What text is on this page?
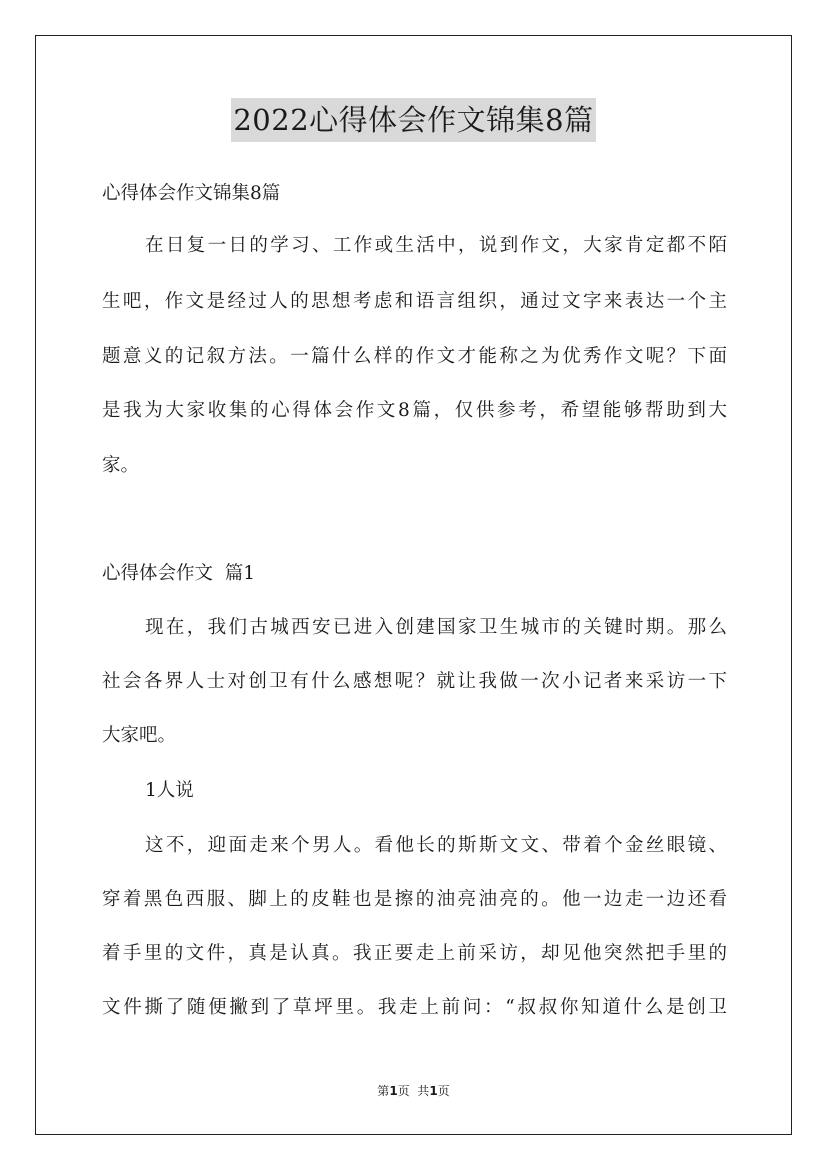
2022心得体会作文锦集8篇
心得体会作文锦集8篇
在日复一日的学习、工作或生活中，说到作文，大家肯定都不陌
生吧，作文是经过人的思想考虑和语言组织，通过文字来表达一个主
题意义的记叙方法。一篇什么样的作文才能称之为优秀作文呢？下面
是我为大家收集的心得体会作文8篇，仅供参考，希望能够帮助到大
家。
心得体会作文  篇1
现在，我们古城西安已进入创建国家卫生城市的关键时期。那么
社会各界人士对创卫有什么感想呢？就让我做一次小记者来采访一下
大家吧。
1人说
这不，迎面走来个男人。看他长的斯斯文文、带着个金丝眼镜、
穿着黑色西服、脚上的皮鞋也是擦的油亮油亮的。他一边走一边还看
着手里的文件，真是认真。我正要走上前采访，却见他突然把手里的
文件撕了随便撇到了草坪里。我走上前问：“叔叔你知道什么是创卫
第1页  共1页
